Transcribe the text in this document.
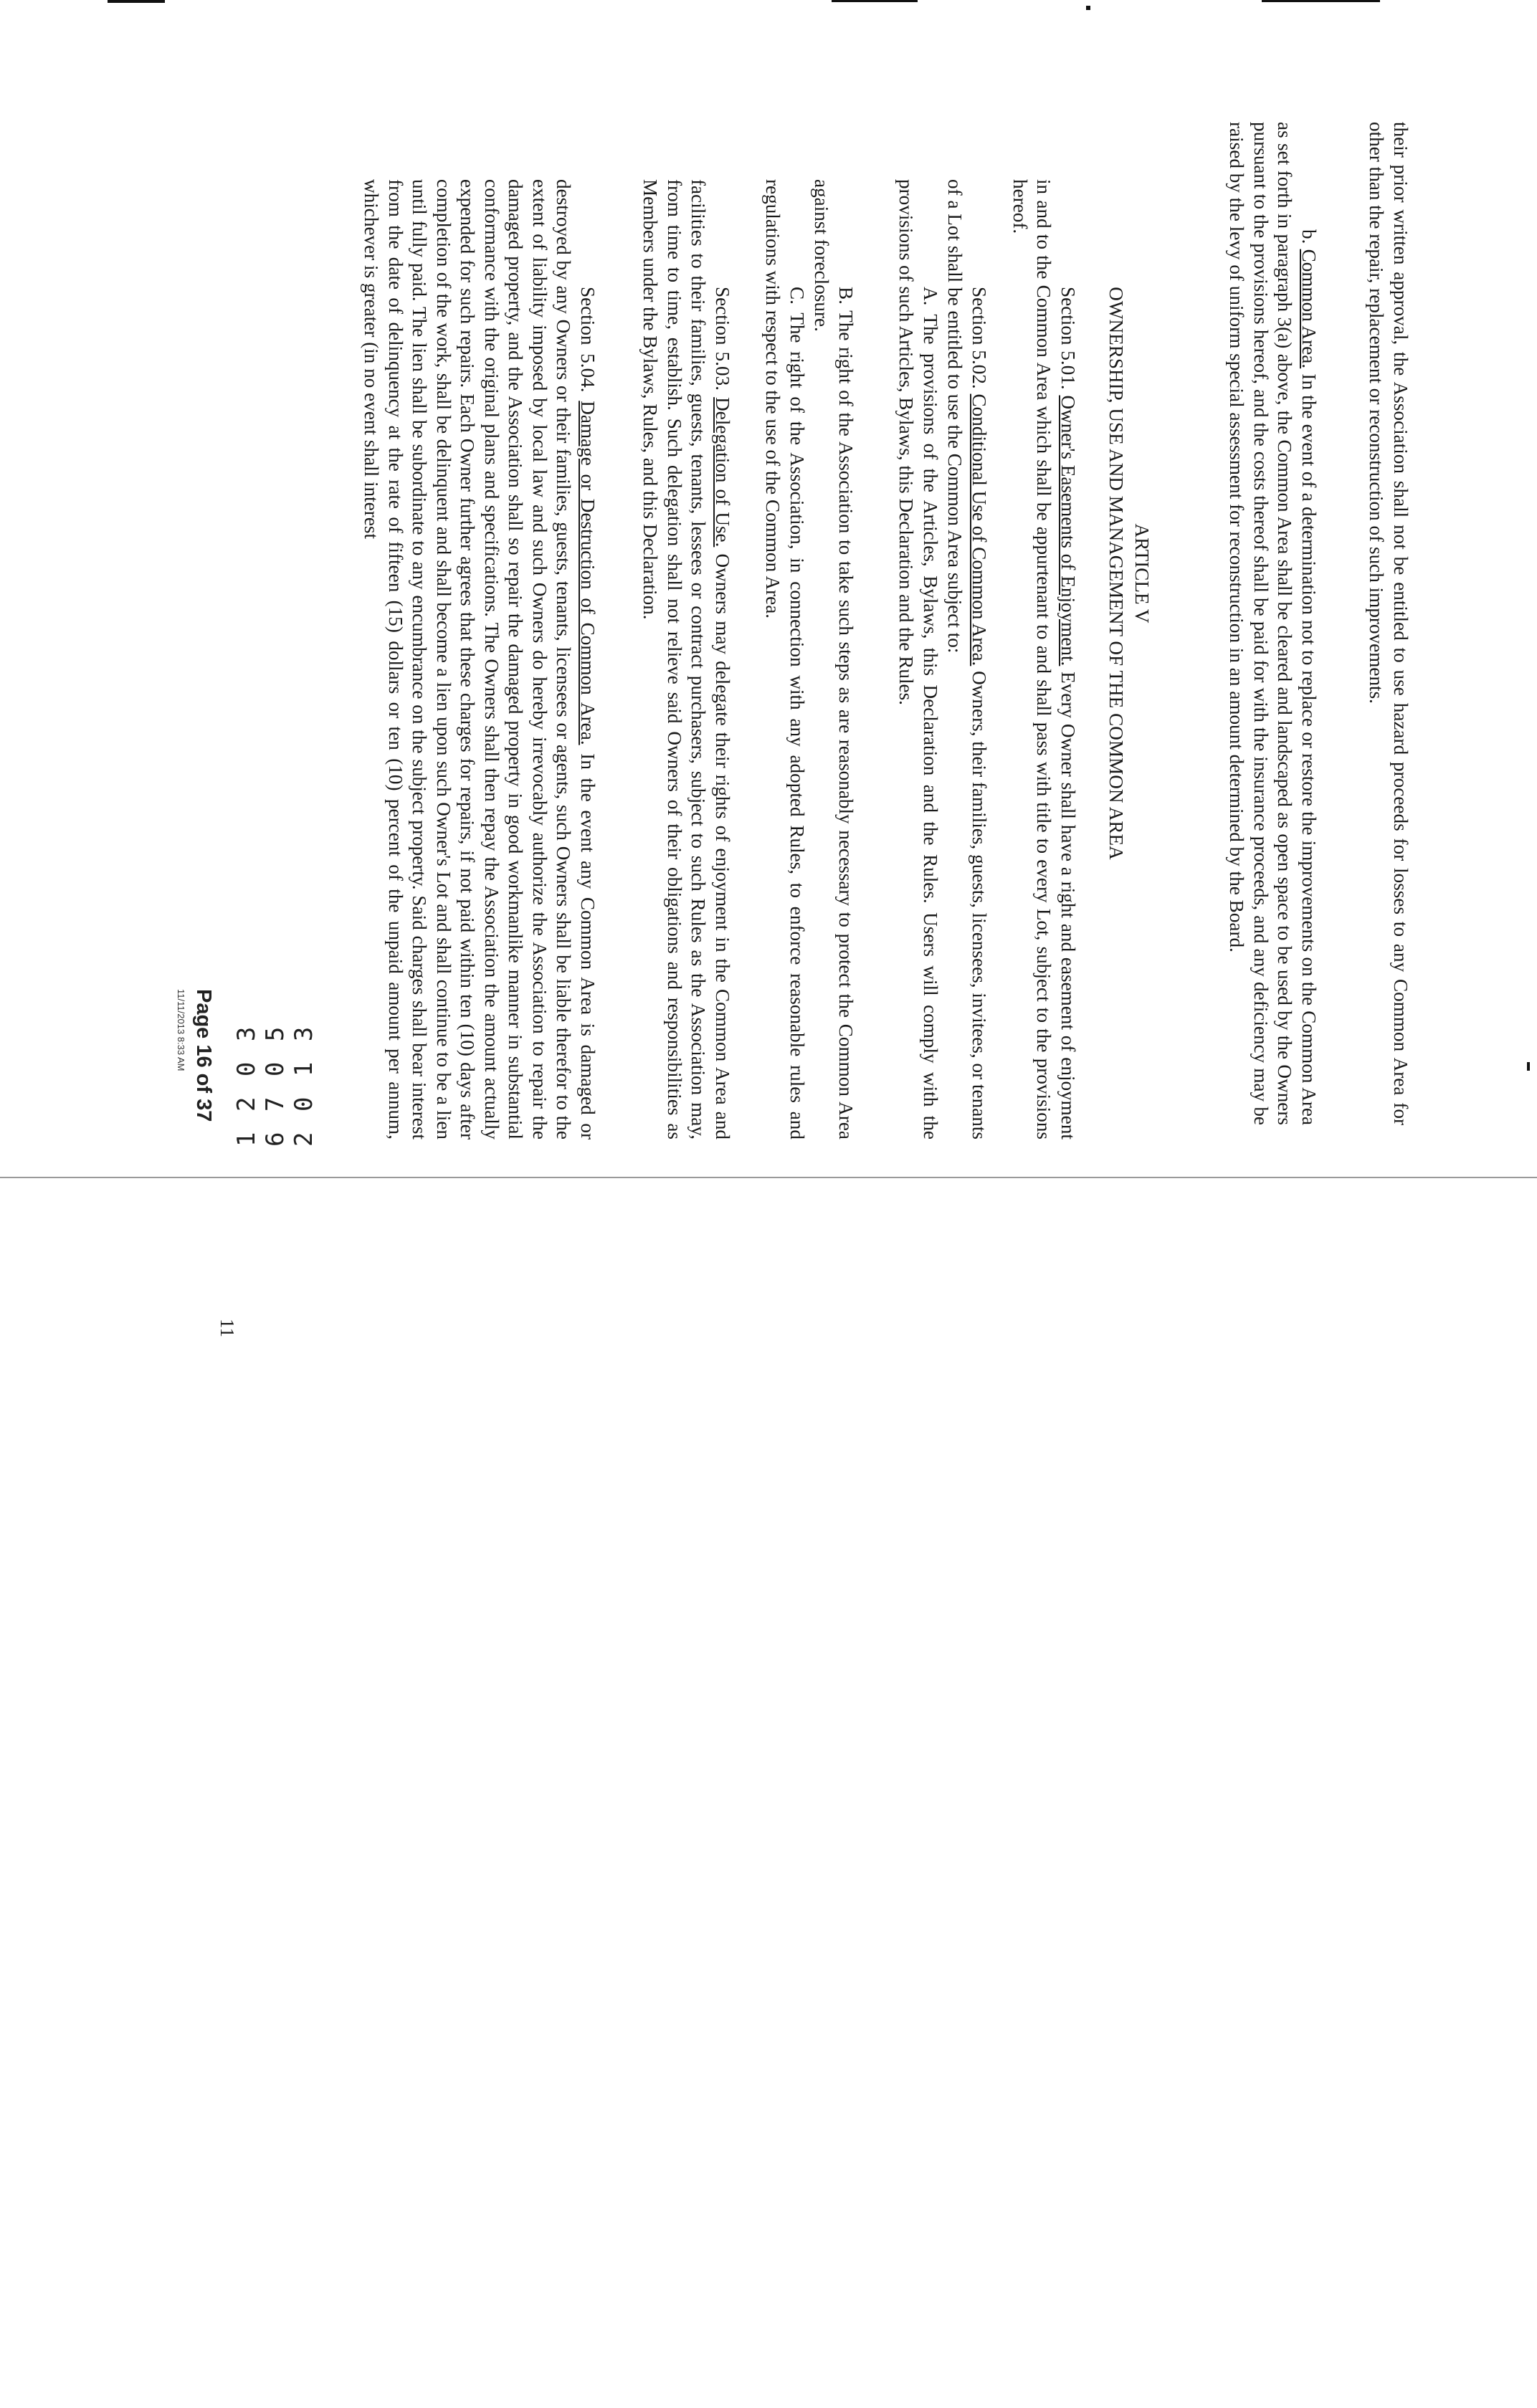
their prior written approval, the Association shall not be entitled to use hazard proceeds for losses to any Common Area for other than the repair, replacement or reconstruction of such improvements.

b. Common Area. In the event of a determination not to replace or restore the improvements on the Common Area as set forth in paragraph 3(a) above, the Common Area shall be cleared and landscaped as open space to be used by the Owners pursuant to the provisions hereof, and the costs thereof shall be paid for with the insurance proceeds, and any deficiency may be raised by the levy of uniform special assessment for reconstruction in an amount determined by the Board.

ARTICLE V

OWNERSHIP, USE AND MANAGEMENT OF THE COMMON AREA

Section 5.01. Owner's Easements of Enjoyment. Every Owner shall have a right and easement of enjoyment in and to the Common Area which shall be appurtenant to and shall pass with title to every Lot, subject to the provisions hereof.

Section 5.02. Conditional Use of Common Area. Owners, their families, guests, licensees, invitees, or tenants of a Lot shall be entitled to use the Common Area subject to:

A. The provisions of the Articles, Bylaws, this Declaration and the Rules. Users will comply with the provisions of such Articles, Bylaws, this Declaration and the Rules.

B. The right of the Association to take such steps as are reasonably necessary to protect the Common Area against foreclosure.

C. The right of the Association, in connection with any adopted Rules, to enforce reasonable rules and regulations with respect to the use of the Common Area.

Section 5.03. Delegation of Use. Owners may delegate their rights of enjoyment in the Common Area and facilities to their families, guests, tenants, lessees or contract purchasers, subject to such Rules as the Association may, from time to time, establish. Such delegation shall not relieve said Owners of their obligations and responsibilities as Members under the Bylaws, Rules, and this Declaration.

Section 5.04. Damage or Destruction of Common Area. In the event any Common Area is damaged or destroyed by any Owners or their families, guests, tenants, licensees or agents, such Owners shall be liable therefor to the extent of liability imposed by local law and such Owners do hereby irrevocably authorize the Association to repair the damaged property, and the Association shall so repair the damaged property in good workmanlike manner in substantial conformance with the original plans and specifications. The Owners shall then repay the Association the amount actually expended for such repairs. Each Owner further agrees that these charges for repairs, if not paid within ten (10) days after completion of the work, shall be delinquent and shall become a lien upon such Owner's Lot and shall continue to be a lien until fully paid. The lien shall be subordinate to any encumbrance on the subject property. Said charges shall bear interest from the date of delinquency at the rate of fifteen (15) dollars or ten (10) percent of the unpaid amount per annum, whichever is greater (in no event shall interest

11
Page 16 of 37
11/11/2013 8:33 AM 1 2 0 3 6 7 0 5 2 0 1 3
